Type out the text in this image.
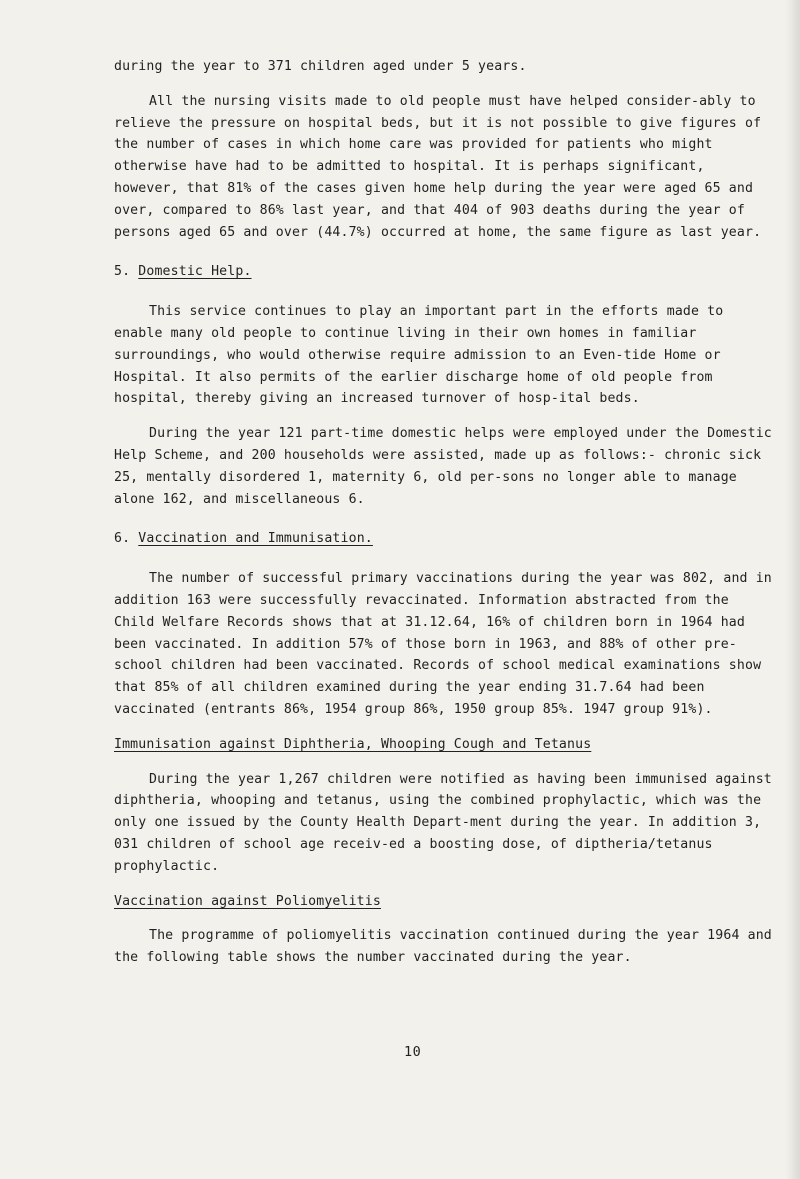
during the year to 371 children aged under 5 years.

All the nursing visits made to old people must have helped consider-ably to relieve the pressure on hospital beds, but it is not possible to give figures of the number of cases in which home care was provided for patients who might otherwise have had to be admitted to hospital. It is perhaps significant, however, that 81% of the cases given home help during the year were aged 65 and over, compared to 86% last year, and that 404 of 903 deaths during the year of persons aged 65 and over (44.7%) occurred at home, the same figure as last year.

5. Domestic Help.

This service continues to play an important part in the efforts made to enable many old people to continue living in their own homes in familiar surroundings, who would otherwise require admission to an Even-tide Home or Hospital. It also permits of the earlier discharge home of old people from hospital, thereby giving an increased turnover of hosp-ital beds.

During the year 121 part-time domestic helps were employed under the Domestic Help Scheme, and 200 households were assisted, made up as follows:- chronic sick 25, mentally disordered 1, maternity 6, old per-sons no longer able to manage alone 162, and miscellaneous 6.

6. Vaccination and Immunisation.

The number of successful primary vaccinations during the year was 802, and in addition 163 were successfully revaccinated. Information abstracted from the Child Welfare Records shows that at 31.12.64, 16% of children born in 1964 had been vaccinated. In addition 57% of those born in 1963, and 88% of other pre-school children had been vaccinated. Records of school medical examinations show that 85% of all children examined during the year ending 31.7.64 had been vaccinated (entrants 86%, 1954 group 86%, 1950 group 85%. 1947 group 91%).

Immunisation against Diphtheria, Whooping Cough and Tetanus

During the year 1,267 children were notified as having been immunised against diphtheria, whooping and tetanus, using the combined prophylactic, which was the only one issued by the County Health Depart-ment during the year. In addition 3, 031 children of school age receiv-ed a boosting dose, of diptheria/tetanus prophylactic.

Vaccination against Poliomyelitis

The programme of poliomyelitis vaccination continued during the year 1964 and the following table shows the number vaccinated during the year.

10
